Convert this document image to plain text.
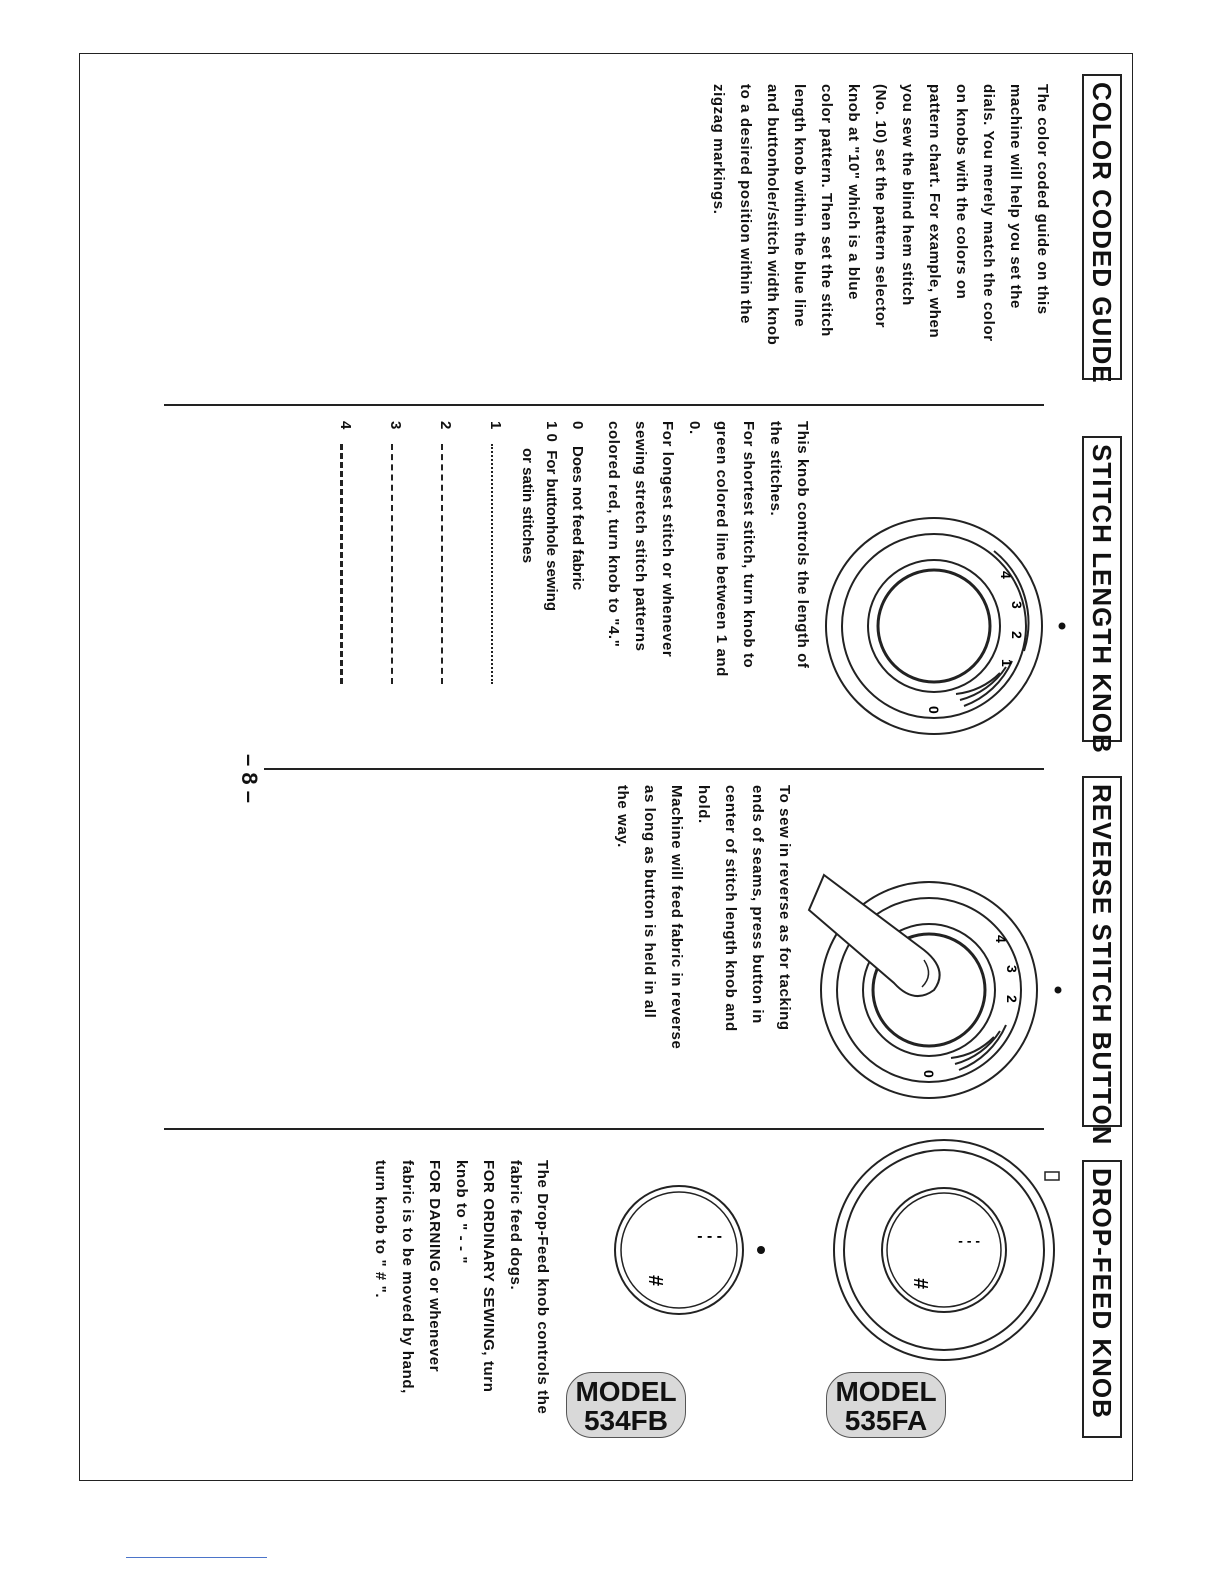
COLOR CODED GUIDE
The color coded guide on this
machine will help you set the
dials. You merely match the color
on knobs with the colors on
pattern chart. For example, when
you sew the blind hem stitch
(No. 10) set the pattern selector
knob at "10" which is a blue
color pattern. Then set the stitch
length knob within the blue line
and buttonholer/stitch width knob
to a desired position within the
zigzag markings.
STITCH LENGTH KNOB
4
3
2
1
0
This knob controls the length of
the stitches.
For shortest stitch, turn knob to
green colored line between 1 and
0.
For longest stitch or whenever
sewing stretch stitch patterns
colored red, turn knob to "4."
0    Does not feed fabric
1 0  For buttonhole sewing
or satin stitches
1
2
3
4
– 8 –
REVERSE STITCH BUTTON
4
3
2
0
To sew in reverse as for tacking
ends of seams, press button in
center of stitch length knob and
hold.
Machine will feed fabric in reverse
as long as button is held in all
the way.
DROP-FEED KNOB
- - -
#
- - -
#
MODEL 535FA
MODEL 534FB
The Drop-Feed knob controls the
fabric feed dogs.
FOR ORDINARY SEWING, turn
knob to " - - "
FOR DARNING or whenever
fabric is to be moved by hand,
turn knob to " # ".
